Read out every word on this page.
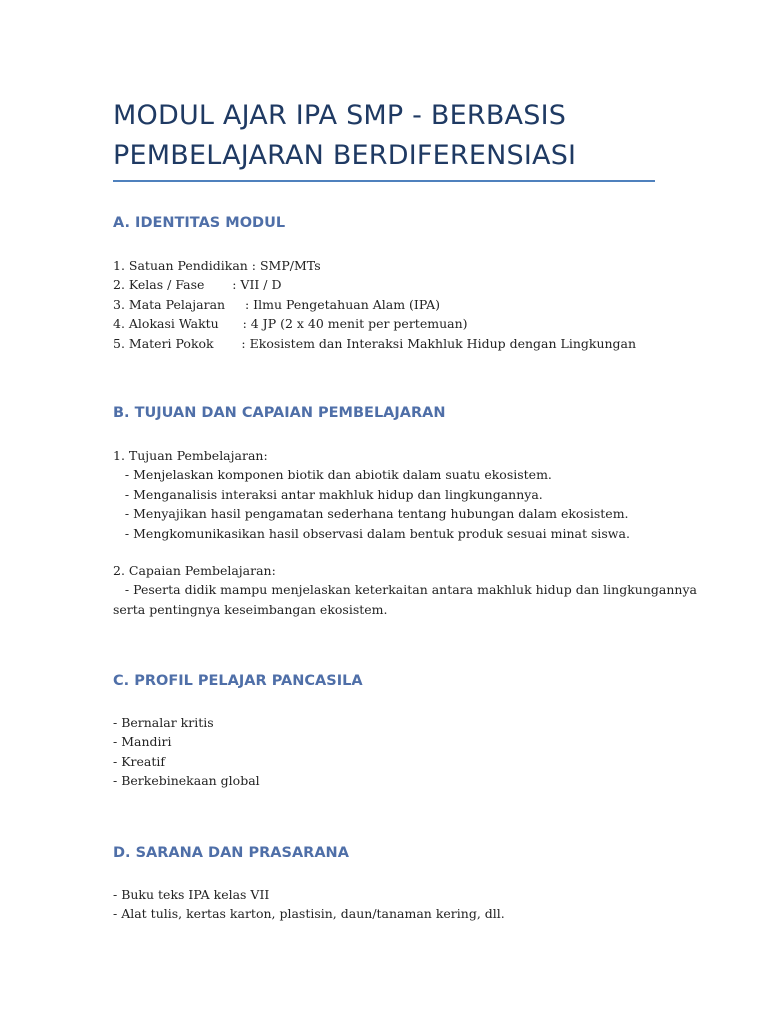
MODUL AJAR IPA SMP - BERBASIS
PEMBELAJARAN BERDIFERENSIASI
A. IDENTITAS MODUL
1. Satuan Pendidikan : SMP/MTs
2. Kelas / Fase       : VII / D
3. Mata Pelajaran     : Ilmu Pengetahuan Alam (IPA)
4. Alokasi Waktu      : 4 JP (2 x 40 menit per pertemuan)
5. Materi Pokok       : Ekosistem dan Interaksi Makhluk Hidup dengan Lingkungan
B. TUJUAN DAN CAPAIAN PEMBELAJARAN
1. Tujuan Pembelajaran:
- Menjelaskan komponen biotik dan abiotik dalam suatu ekosistem.
- Menganalisis interaksi antar makhluk hidup dan lingkungannya.
- Menyajikan hasil pengamatan sederhana tentang hubungan dalam ekosistem.
- Mengkomunikasikan hasil observasi dalam bentuk produk sesuai minat siswa.
2. Capaian Pembelajaran:
- Peserta didik mampu menjelaskan keterkaitan antara makhluk hidup dan lingkungannya
serta pentingnya keseimbangan ekosistem.
C. PROFIL PELAJAR PANCASILA
- Bernalar kritis
- Mandiri
- Kreatif
- Berkebinekaan global
D. SARANA DAN PRASARANA
- Buku teks IPA kelas VII
- Alat tulis, kertas karton, plastisin, daun/tanaman kering, dll.
